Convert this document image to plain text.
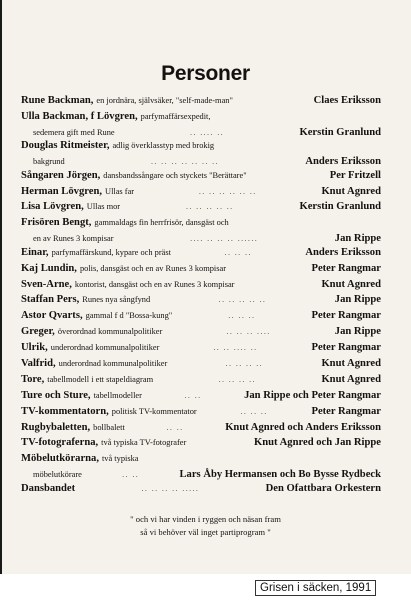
Personer
Rune Backman, en jordnära, självsäker, "self-made-man"	Claes Eriksson
Ulla Backman, f Lövgren, parfymaffärsexpedit,
sedemera gift med Rune	.. .... ..	Kerstin Granlund
Douglas Ritmeister, adlig överklasstyp med brokig
bakgrund	.. .. .. .. .. .. ..	Anders Eriksson
Sångaren Jörgen, dansbandssångare och styckets "Berättare"	Per Fritzell
Herman Lövgren, Ullas far	.. .. .. .. .. ..	Knut Agnred
Lisa Lövgren, Ullas mor	.. .. .. .. ..	Kerstin Granlund
Frisören Bengt, gammaldags fin herrfrisör, dansgäst och
en av Runes 3 kompisar	.... .. .. .. ......	Jan Rippe
Einar, parfymaffärskund, kypare och präst	.. .. ..	Anders Eriksson
Kaj Lundin, polis, dansgäst och en av Runes 3 kompisar	Peter Rangmar
Sven-Arne, kontorist, dansgäst och en av Runes 3 kompisar	Knut Agnred
Staffan Pers, Runes nya sångfynd	.. .. .. .. ..	Jan Rippe
Astor Qvarts, gammal f d "Bossa-kung"	.. .. ..	Peter Rangmar
Greger, överordnad kommunalpolitiker	.. .. .. ....	Jan Rippe
Ulrik, underordnad kommunalpolitiker	.. .. .... ..	Peter Rangmar
Valfrid, underordnad kommunalpolitiker	.. .. .. ..	Knut Agnred
Tore, tabellmodell i ett stapeldiagram	.. .. .. ..	Knut Agnred
Ture och Sture, tabellmodeller	.. ..	Jan Rippe och Peter Rangmar
TV-kommentatorn, politisk TV-kommentator	.. .. ..	Peter Rangmar
Rugbybaletten, bollbalett	.. ..	Knut Agnred och Anders Eriksson
TV-fotograferna, två typiska TV-fotografer	Knut Agnred och Jan Rippe
Möbelutkörarna, två typiska
möbelutkörare	.. ..	Lars Åby Hermansen och Bo Bysse Rydbeck
Dansbandet	.. .. .. .. .....	Den Ofattbara Orkestern
" och vi har vinden i ryggen och näsan fram
så vi behöver väl inget partiprogram "
Grisen i säcken, 1991
